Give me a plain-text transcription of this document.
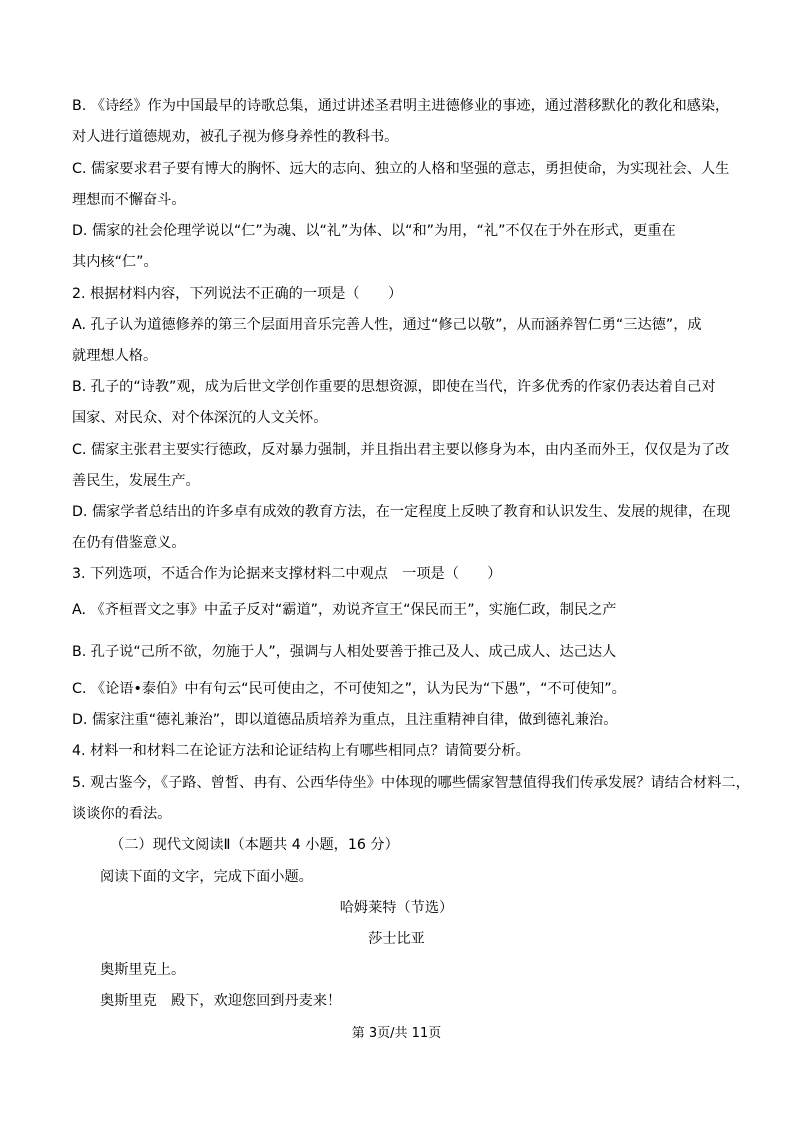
B. 《诗经》作为中国最早的诗歌总集，通过讲述圣君明主进德修业的事迹，通过潜移默化的教化和感染，
对人进行道德规劝，被孔子视为修身养性的教科书。
C. 儒家要求君子要有博大的胸怀、远大的志向、独立的人格和坚强的意志，勇担使命，为实现社会、人生
理想而不懈奋斗。
D. 儒家的社会伦理学说以“仁”为魂、以“礼”为体、以“和”为用，“礼”不仅在于外在形式，更重在
其内核“仁”。
2. 根据材料内容，下列说法不正确的一项是（　　）
A. 孔子认为道德修养的第三个层面用音乐完善人性，通过“修己以敬”，从而涵养智仁勇“三达德”，成
就理想人格。
B. 孔子的“诗教”观，成为后世文学创作重要的思想资源，即使在当代，许多优秀的作家仍表达着自己对
国家、对民众、对个体深沉的人文关怀。
C. 儒家主张君主要实行德政，反对暴力强制，并且指出君主要以修身为本，由内圣而外王，仅仅是为了改
善民生，发展生产。
D. 儒家学者总结出的许多卓有成效的教育方法，在一定程度上反映了教育和认识发生、发展的规律，在现
在仍有借鉴意义。
3. 下列选项，不适合作为论据来支撑材料二中观点　一项是（　　）
A. 《齐桓晋文之事》中孟子反对“霸道”，劝说齐宣王“保民而王”，实施仁政，制民之产
B. 孔子说“己所不欲，勿施于人”，强调与人相处要善于推己及人、成己成人、达己达人
C. 《论语•泰伯》中有句云“民可使由之，不可使知之”，认为民为“下愚”，“不可使知”。
D. 儒家注重“德礼兼治”，即以道德品质培养为重点，且注重精神自律，做到德礼兼治。
4. 材料一和材料二在论证方法和论证结构上有哪些相同点？请简要分析。
5. 观古鉴今，《子路、曾皙、冉有、公西华侍坐》中体现的哪些儒家智慧值得我们传承发展？请结合材料二，
谈谈你的看法。
（二）现代文阅读Ⅱ（本题共 4 小题，16 分）
阅读下面的文字，完成下面小题。
哈姆莱特（节选）
莎士比亚
奥斯里克上。
奥斯里克　殿下，欢迎您回到丹麦来！
第 3页/共 11页
